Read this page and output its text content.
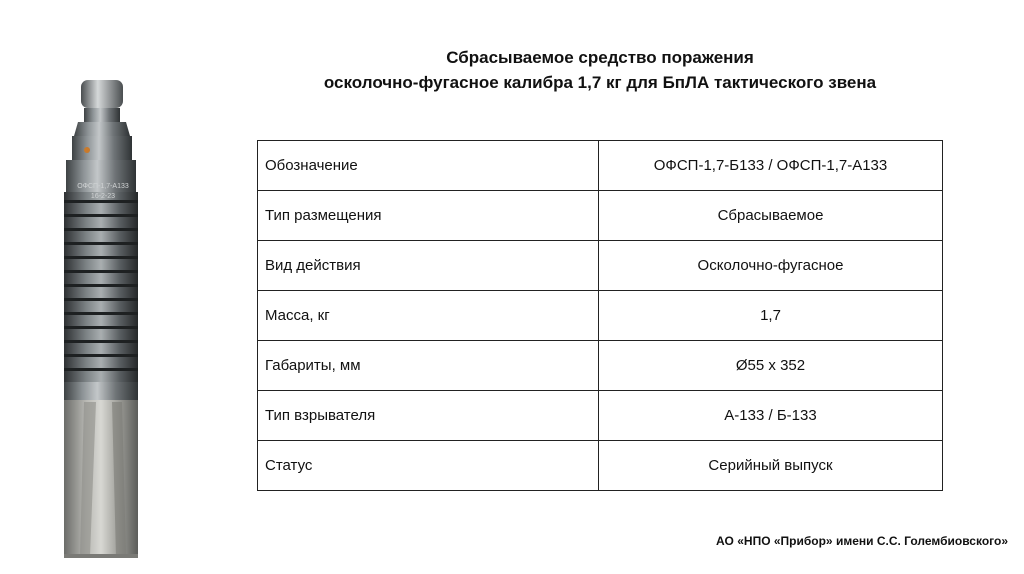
ОФСП-1,7-А133
16-2-23
Сбрасываемое средство поражения
осколочно-фугасное калибра 1,7 кг для БпЛА тактического звена
Обозначение	ОФСП-1,7-Б133 / ОФСП-1,7-А133
Тип размещения	Сбрасываемое
Вид действия	Осколочно-фугасное
Масса, кг	1,7
Габариты, мм	Ø55 x 352
Тип взрывателя	А-133 / Б-133
Статус	Серийный выпуск
АО «НПО «Прибор» имени С.С. Голембиовского»
